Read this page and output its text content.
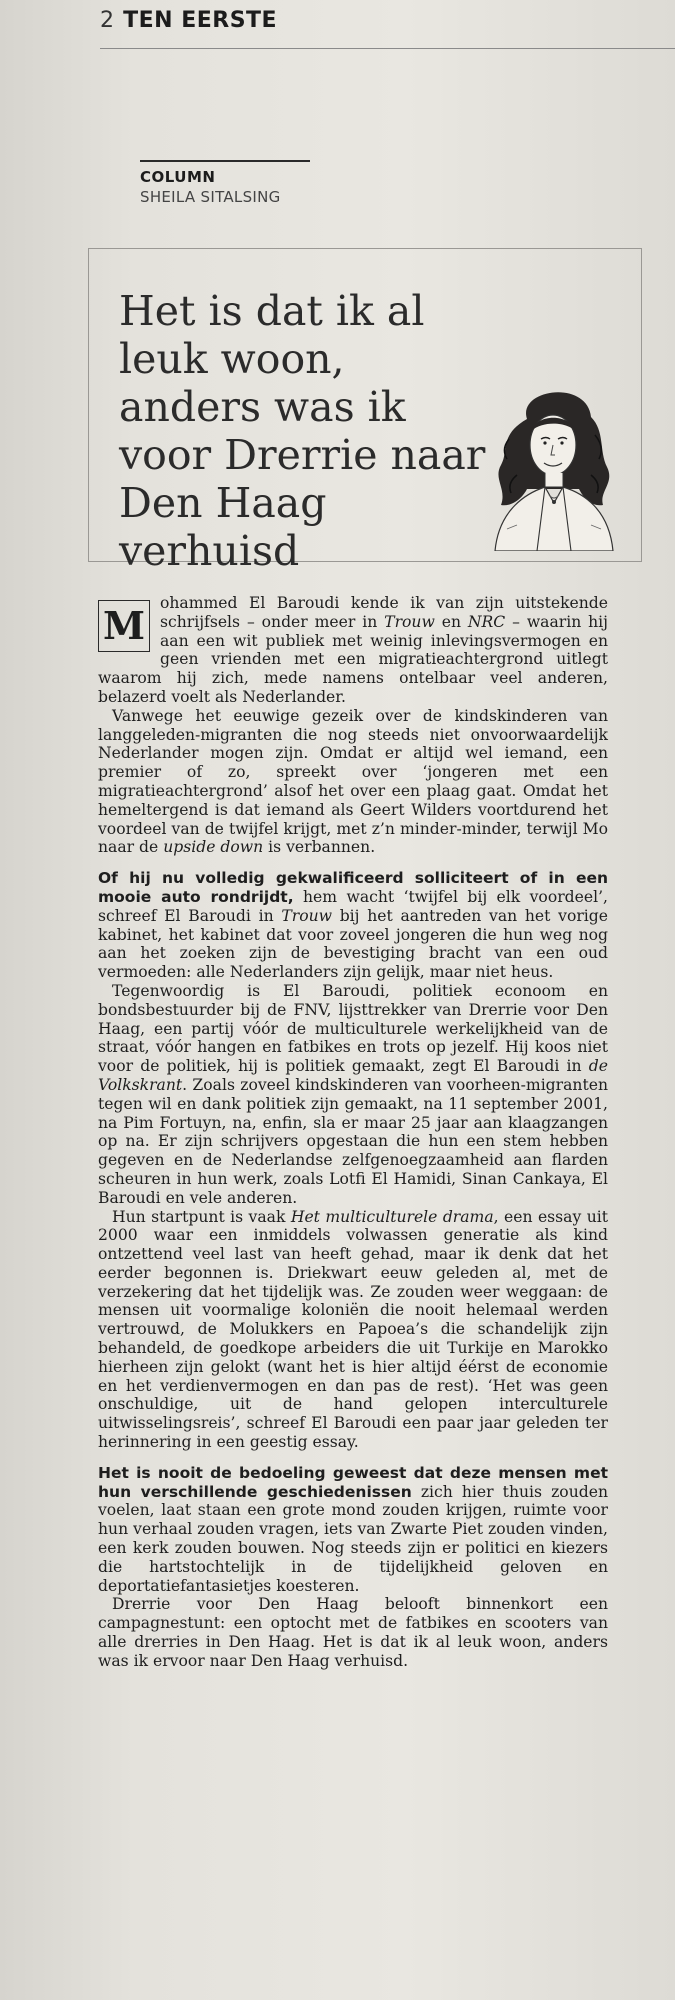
2 TEN EERSTE
COLUMN
SHEILA SITALSING
Het is dat ik al leuk woon, anders was ik voor Drerrie naar Den Haag verhuisd

M ohammed El Baroudi kende ik van zijn uitstekende schrijfsels – onder meer in Trouw en NRC – waarin hij aan een wit publiek met weinig inlevingsvermogen en geen vrienden met een migratieachtergrond uitlegt waarom hij zich, mede namens ontelbaar veel anderen, belazerd voelt als Nederlander.

Vanwege het eeuwige gezeik over de kindskinderen van langgeleden-migranten die nog steeds niet onvoorwaardelijk Nederlander mogen zijn. Omdat er altijd wel iemand, een premier of zo, spreekt over ‘jongeren met een migratieachtergrond’ alsof het over een plaag gaat. Omdat het hemeltergend is dat iemand als Geert Wilders voortdurend het voordeel van de twijfel krijgt, met z’n minder-minder, terwijl Mo naar de upside down is verbannen.

Of hij nu volledig gekwalificeerd solliciteert of in een mooie auto rondrijdt, hem wacht ‘twijfel bij elk voordeel’, schreef El Baroudi in Trouw bij het aantreden van het vorige kabinet, het kabinet dat voor zoveel jongeren die hun weg nog aan het zoeken zijn de bevestiging bracht van een oud vermoeden: alle Nederlanders zijn gelijk, maar niet heus.

Tegenwoordig is El Baroudi, politiek econoom en bondsbestuurder bij de FNV, lijsttrekker van Drerrie voor Den Haag, een partij vóór de multiculturele werkelijkheid van de straat, vóór hangen en fatbikes en trots op jezelf. Hij koos niet voor de politiek, hij is politiek gemaakt, zegt El Baroudi in de Volkskrant. Zoals zoveel kindskinderen van voorheen-migranten tegen wil en dank politiek zijn gemaakt, na 11 september 2001, na Pim Fortuyn, na, enfin, sla er maar 25 jaar aan klaagzangen op na. Er zijn schrijvers opgestaan die hun een stem hebben gegeven en de Nederlandse zelfgenoegzaamheid aan flarden scheuren in hun werk, zoals Lotfi El Hamidi, Sinan Cankaya, El Baroudi en vele anderen.

Hun startpunt is vaak Het multiculturele drama, een essay uit 2000 waar een inmiddels volwassen generatie als kind ontzettend veel last van heeft gehad, maar ik denk dat het eerder begonnen is. Driekwart eeuw geleden al, met de verzekering dat het tijdelijk was. Ze zouden weer weggaan: de mensen uit voormalige koloniën die nooit helemaal werden vertrouwd, de Molukkers en Papoea’s die schandelijk zijn behandeld, de goedkope arbeiders die uit Turkije en Marokko hierheen zijn gelokt (want het is hier altijd éérst de economie en het verdienvermogen en dan pas de rest). ‘Het was geen onschuldige, uit de hand gelopen interculturele uitwisselingsreis’, schreef El Baroudi een paar jaar geleden ter herinnering in een geestig essay.

Het is nooit de bedoeling geweest dat deze mensen met hun verschillende geschiedenissen zich hier thuis zouden voelen, laat staan een grote mond zouden krijgen, ruimte voor hun verhaal zouden vragen, iets van Zwarte Piet zouden vinden, een kerk zouden bouwen. Nog steeds zijn er politici en kiezers die hartstochtelijk in de tijdelijkheid geloven en deportatiefantasietjes koesteren.

Drerrie voor Den Haag belooft binnenkort een campagnestunt: een optocht met de fatbikes en scooters van alle drerries in Den Haag. Het is dat ik al leuk woon, anders was ik ervoor naar Den Haag verhuisd.
